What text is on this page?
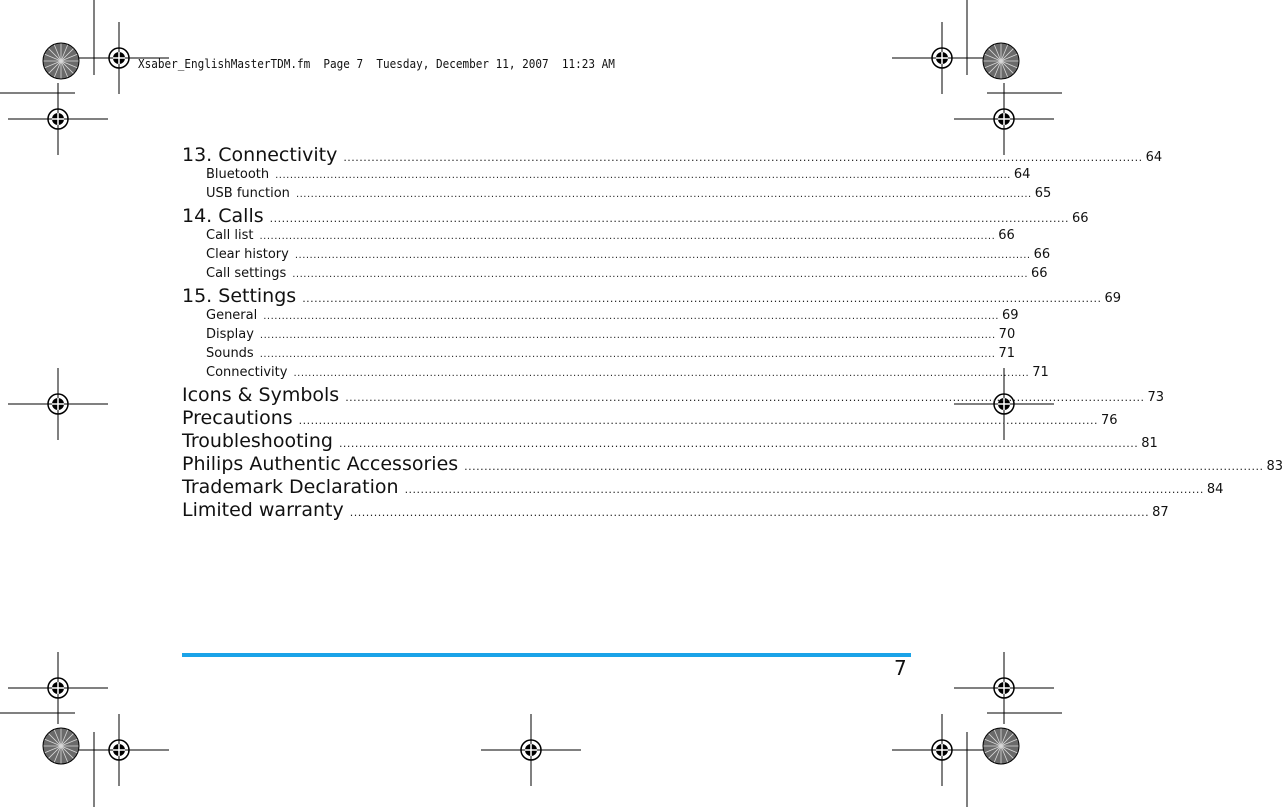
Xsaber_EnglishMasterTDM.fm  Page 7  Tuesday, December 11, 2007  11:23 AM
13. Connectivity ........................................................................................................................................................................................................ 64
Bluetooth ........................................................................................................................................................................................................ 64
USB function ........................................................................................................................................................................................................ 65
14. Calls ........................................................................................................................................................................................................ 66
Call list ........................................................................................................................................................................................................ 66
Clear history ........................................................................................................................................................................................................ 66
Call settings ........................................................................................................................................................................................................ 66
15. Settings ........................................................................................................................................................................................................ 69
General ........................................................................................................................................................................................................ 69
Display ........................................................................................................................................................................................................ 70
Sounds ........................................................................................................................................................................................................ 71
Connectivity ........................................................................................................................................................................................................ 71
Icons & Symbols ........................................................................................................................................................................................................ 73
Precautions ........................................................................................................................................................................................................ 76
Troubleshooting ........................................................................................................................................................................................................ 81
Philips Authentic Accessories ........................................................................................................................................................................................................ 83
Trademark Declaration ........................................................................................................................................................................................................ 84
Limited warranty ........................................................................................................................................................................................................ 87
7
